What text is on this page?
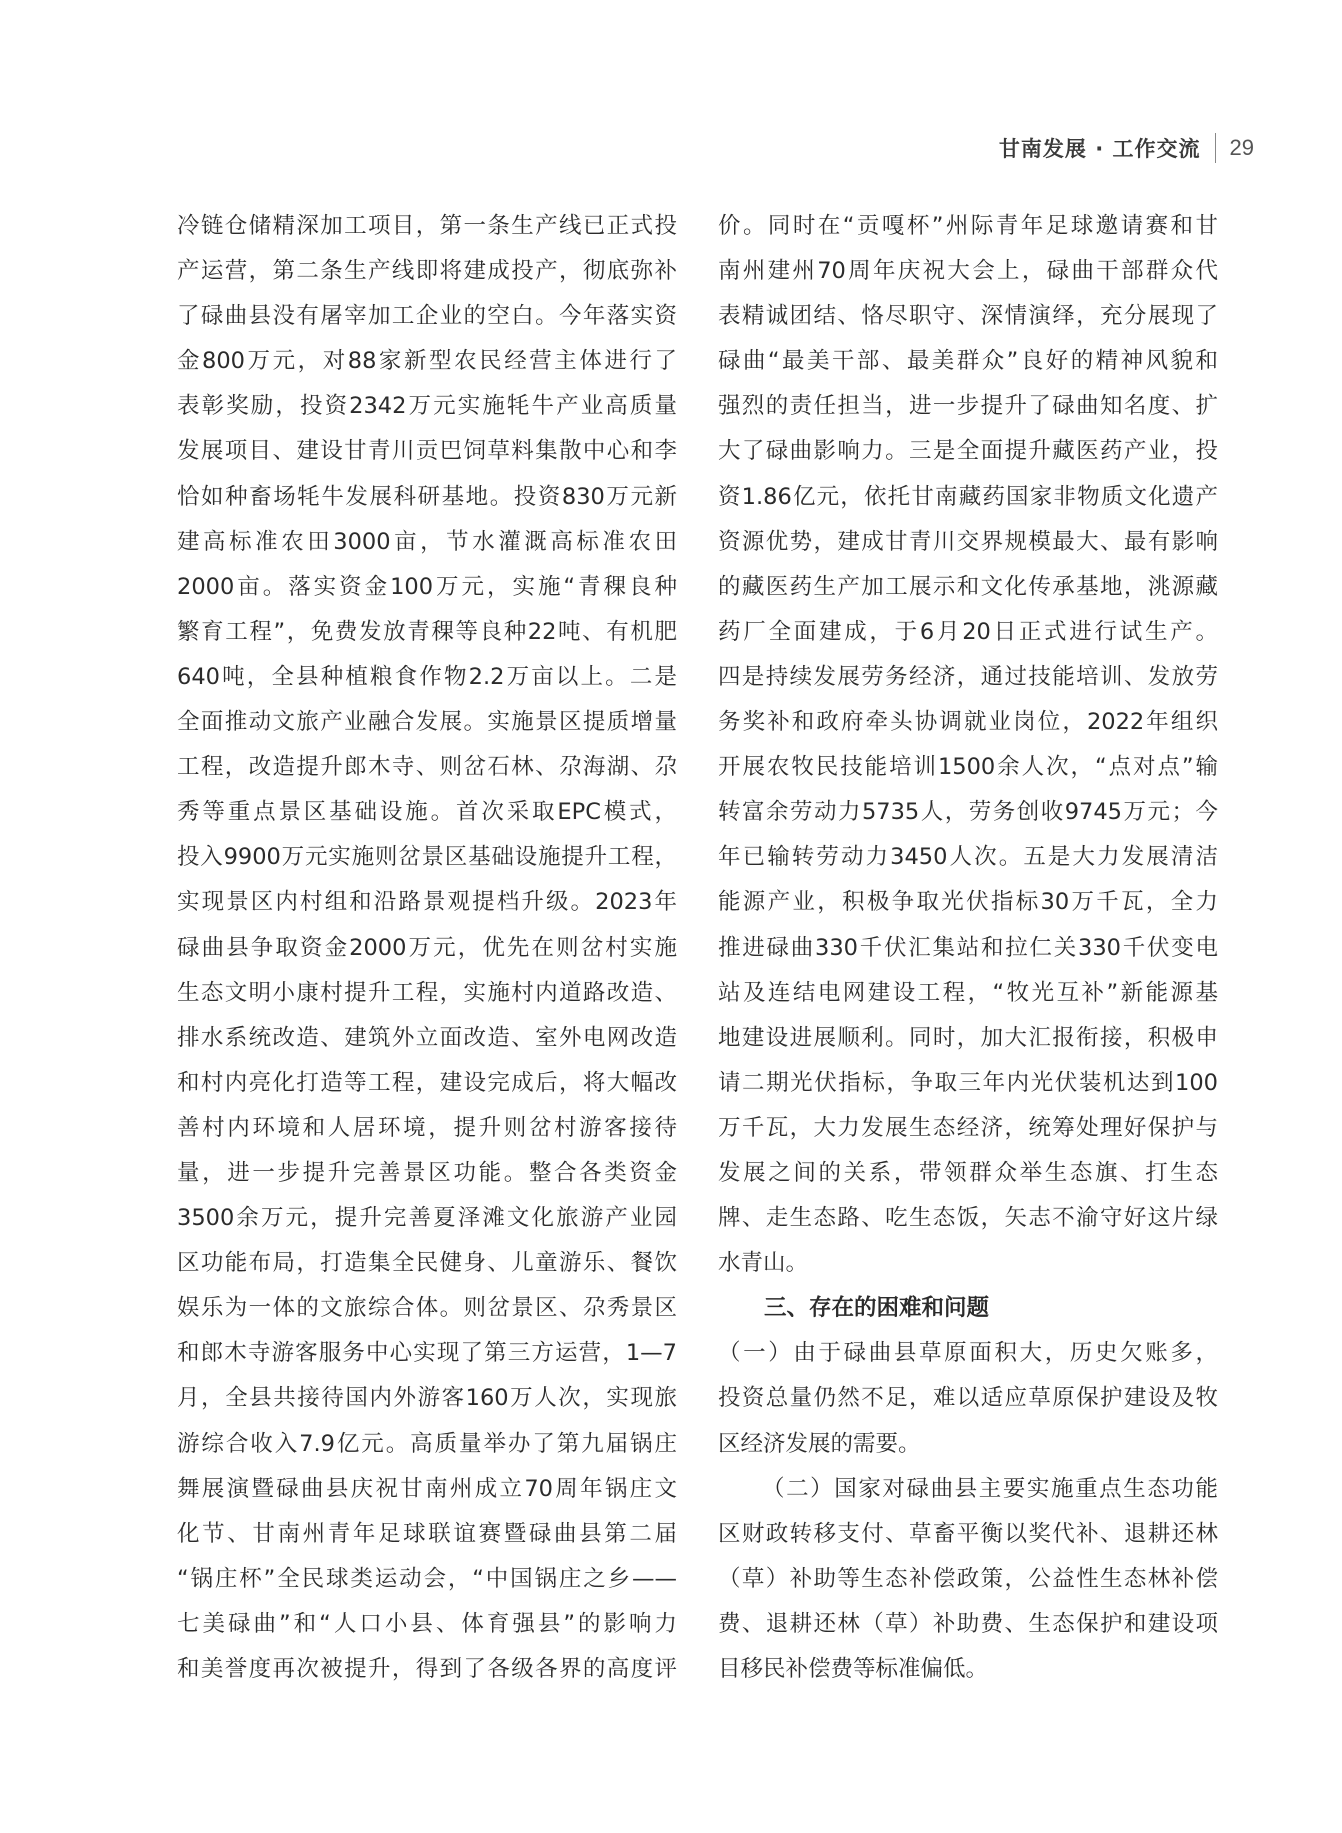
甘南发展 · 工作交流 29
冷链仓储精深加工项目，第一条生产线已正式投
产运营，第二条生产线即将建成投产，彻底弥补
了碌曲县没有屠宰加工企业的空白。今年落实资
金800万元，对88家新型农民经营主体进行了
表彰奖励，投资2342万元实施牦牛产业高质量
发展项目、建设甘青川贡巴饲草料集散中心和李
恰如种畜场牦牛发展科研基地。投资830万元新
建高标准农田3000亩，节水灌溉高标准农田
2000亩。落实资金100万元，实施“青稞良种
繁育工程”，免费发放青稞等良种22吨、有机肥
640吨，全县种植粮食作物2.2万亩以上。二是
全面推动文旅产业融合发展。实施景区提质增量
工程，改造提升郎木寺、则岔石林、尕海湖、尕
秀等重点景区基础设施。首次采取EPC模式，
投入9900万元实施则岔景区基础设施提升工程，
实现景区内村组和沿路景观提档升级。2023年
碌曲县争取资金2000万元，优先在则岔村实施
生态文明小康村提升工程，实施村内道路改造、
排水系统改造、建筑外立面改造、室外电网改造
和村内亮化打造等工程，建设完成后，将大幅改
善村内环境和人居环境，提升则岔村游客接待
量，进一步提升完善景区功能。整合各类资金
3500余万元，提升完善夏泽滩文化旅游产业园
区功能布局，打造集全民健身、儿童游乐、餐饮
娱乐为一体的文旅综合体。则岔景区、尕秀景区
和郎木寺游客服务中心实现了第三方运营，1—7
月，全县共接待国内外游客160万人次，实现旅
游综合收入7.9亿元。高质量举办了第九届锅庄
舞展演暨碌曲县庆祝甘南州成立70周年锅庄文
化节、甘南州青年足球联谊赛暨碌曲县第二届
“锅庄杯”全民球类运动会，“中国锅庄之乡——
七美碌曲”和“人口小县、体育强县”的影响力
和美誉度再次被提升，得到了各级各界的高度评
价。同时在“贡嘎杯”州际青年足球邀请赛和甘
南州建州70周年庆祝大会上，碌曲干部群众代
表精诚团结、恪尽职守、深情演绎，充分展现了
碌曲“最美干部、最美群众”良好的精神风貌和
强烈的责任担当，进一步提升了碌曲知名度、扩
大了碌曲影响力。三是全面提升藏医药产业，投
资1.86亿元，依托甘南藏药国家非物质文化遗产
资源优势，建成甘青川交界规模最大、最有影响
的藏医药生产加工展示和文化传承基地，洮源藏
药厂全面建成，于6月20日正式进行试生产。
四是持续发展劳务经济，通过技能培训、发放劳
务奖补和政府牵头协调就业岗位，2022年组织
开展农牧民技能培训1500余人次，“点对点”输
转富余劳动力5735人，劳务创收9745万元；今
年已输转劳动力3450人次。五是大力发展清洁
能源产业，积极争取光伏指标30万千瓦，全力
推进碌曲330千伏汇集站和拉仁关330千伏变电
站及连结电网建设工程，“牧光互补”新能源基
地建设进展顺利。同时，加大汇报衔接，积极申
请二期光伏指标，争取三年内光伏装机达到100
万千瓦，大力发展生态经济，统筹处理好保护与
发展之间的关系，带领群众举生态旗、打生态
牌、走生态路、吃生态饭，矢志不渝守好这片绿
水青山。
三、存在的困难和问题
（一）由于碌曲县草原面积大，历史欠账多，
投资总量仍然不足，难以适应草原保护建设及牧
区经济发展的需要。
（二）国家对碌曲县主要实施重点生态功能
区财政转移支付、草畜平衡以奖代补、退耕还林
（草）补助等生态补偿政策，公益性生态林补偿
费、退耕还林（草）补助费、生态保护和建设项
目移民补偿费等标准偏低。
